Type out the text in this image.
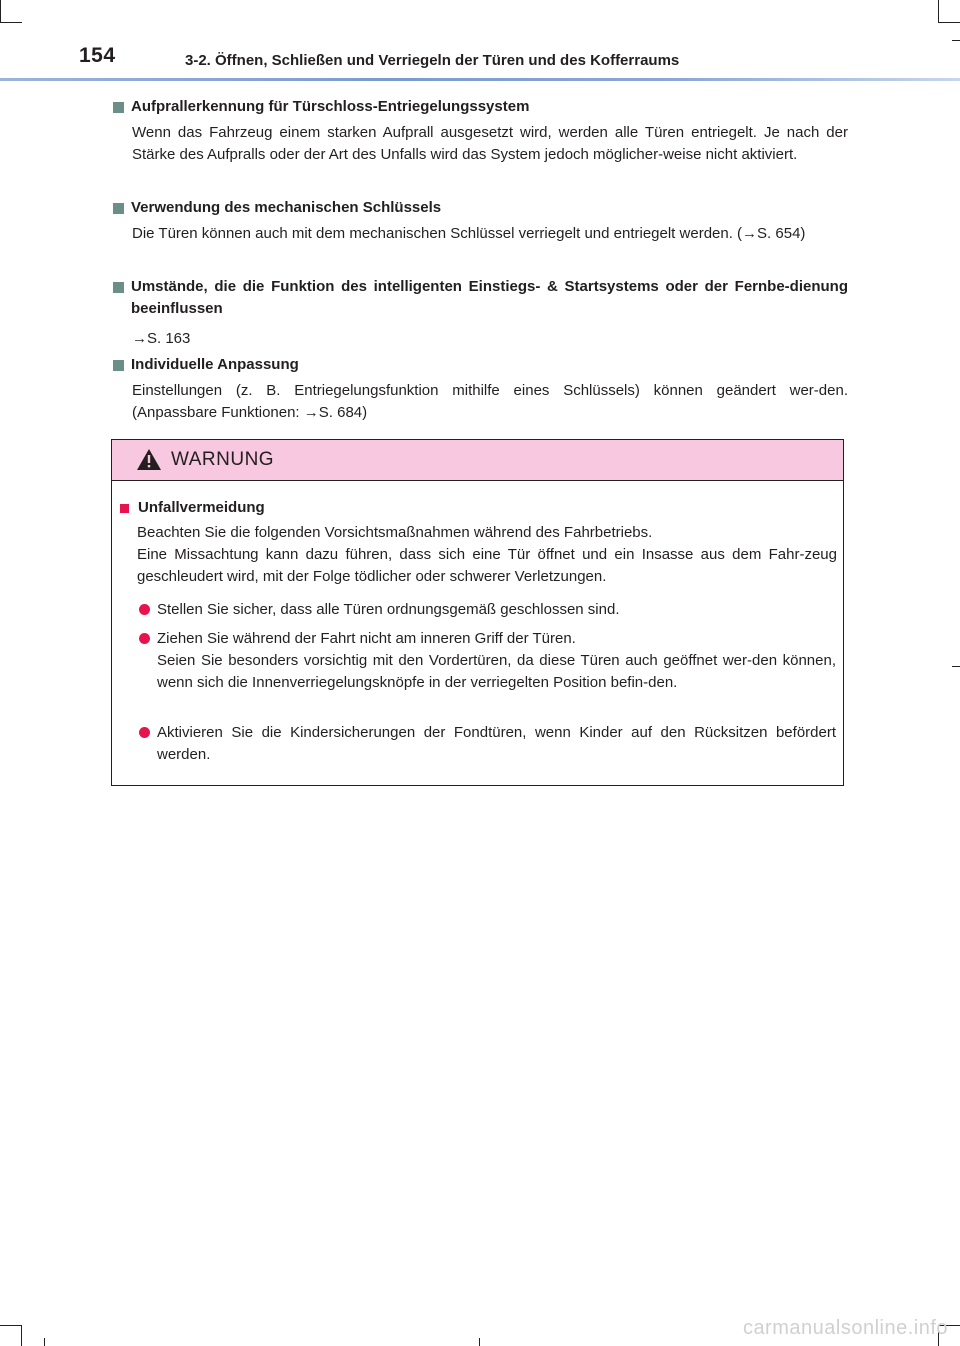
154	3-2. Öffnen, Schließen und Verriegeln der Türen und des Kofferraums
Aufprallerkennung für Türschloss-Entriegelungssystem
Wenn das Fahrzeug einem starken Aufprall ausgesetzt wird, werden alle Türen entriegelt. Je nach der Stärke des Aufpralls oder der Art des Unfalls wird das System jedoch möglicher-weise nicht aktiviert.
Verwendung des mechanischen Schlüssels
Die Türen können auch mit dem mechanischen Schlüssel verriegelt und entriegelt werden. (→S. 654)
Umstände, die die Funktion des intelligenten Einstiegs- & Startsystems oder der Fernbe-dienung beeinflussen
→S. 163
Individuelle Anpassung
Einstellungen (z. B. Entriegelungsfunktion mithilfe eines Schlüssels) können geändert wer-den. (Anpassbare Funktionen: →S. 684)
WARNUNG
Unfallvermeidung
Beachten Sie die folgenden Vorsichtsmaßnahmen während des Fahrbetriebs.
Eine Missachtung kann dazu führen, dass sich eine Tür öffnet und ein Insasse aus dem Fahr-zeug geschleudert wird, mit der Folge tödlicher oder schwerer Verletzungen.
Stellen Sie sicher, dass alle Türen ordnungsgemäß geschlossen sind.
Ziehen Sie während der Fahrt nicht am inneren Griff der Türen.
Seien Sie besonders vorsichtig mit den Vordertüren, da diese Türen auch geöffnet wer-den können, wenn sich die Innenverriegelungsknöpfe in der verriegelten Position befin-den.
Aktivieren Sie die Kindersicherungen der Fondtüren, wenn Kinder auf den Rücksitzen befördert werden.
carmanualsonline.info
